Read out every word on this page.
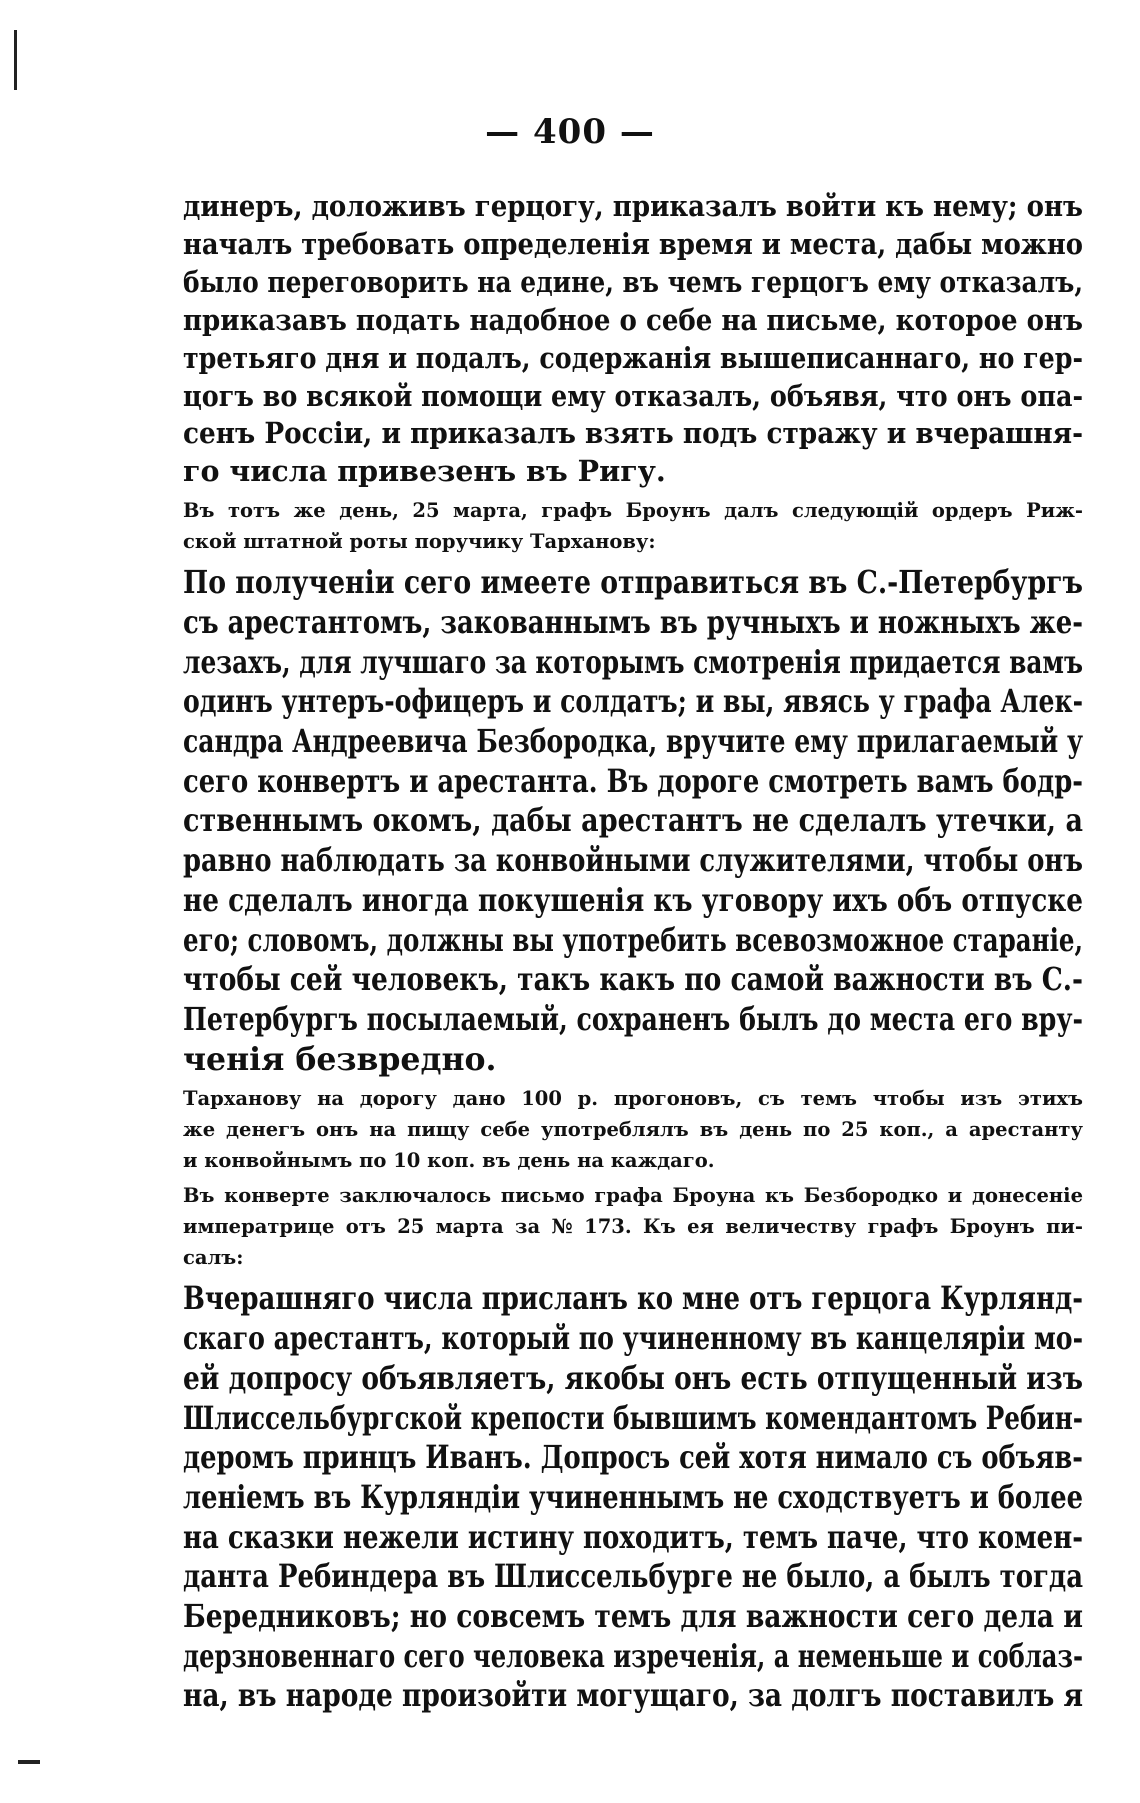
— 400 —
динеръ, доложивъ герцогу, приказалъ войти къ нему; онъ
началъ требовать определенія время и места, дабы можно
было переговорить на едине, въ чемъ герцогъ ему отказалъ,
приказавъ подать надобное о себе на письме, которое онъ
третьяго дня и подалъ, содержанія вышеписаннаго, но гер-
цогъ во всякой помощи ему отказалъ, объявя, что онъ опа-
сенъ Россіи, и приказалъ взять подъ стражу и вчерашня-
го числа привезенъ въ Ригу.
Въ тотъ же день, 25 марта, графъ Броунъ далъ следующій ордеръ Риж-
ской штатной роты поручику Тарханову:
По полученіи сего имеете отправиться въ С.-Петербургъ
съ арестантомъ, закованнымъ въ ручныхъ и ножныхъ же-
лезахъ, для лучшаго за которымъ смотренія придается вамъ
одинъ унтеръ-офицеръ и солдатъ; и вы, явясь у графа Алек-
сандра Андреевича Безбородка, вручите ему прилагаемый у
сего конвертъ и арестанта. Въ дороге смотреть вамъ бодр-
ственнымъ окомъ, дабы арестантъ не сделалъ утечки, а
равно наблюдать за конвойными служителями, чтобы онъ
не сделалъ иногда покушенія къ уговору ихъ объ отпуске
его; словомъ, должны вы употребить всевозможное стараніе,
чтобы сей человекъ, такъ какъ по самой важности въ С.-
Петербургъ посылаемый, сохраненъ былъ до места его вру-
ченія безвредно.
Тарханову на дорогу дано 100 р. прогоновъ, съ темъ чтобы изъ этихъ
же денегъ онъ на пищу себе употреблялъ въ день по 25 коп., а арестанту
и конвойнымъ по 10 коп. въ день на каждаго.
Въ конверте заключалось письмо графа Броуна къ Безбородко и донесеніе
императрице отъ 25 марта за № 173. Къ ея величеству графъ Броунъ пи-
салъ:
Вчерашняго числа присланъ ко мне отъ герцога Курлянд-
скаго арестантъ, который по учиненному въ канцеляріи мо-
ей допросу объявляетъ, якобы онъ есть отпущенный изъ
Шлиссельбургской крепости бывшимъ комендантомъ Ребин-
деромъ принцъ Иванъ. Допросъ сей хотя нимало съ объяв-
леніемъ въ Курляндіи учиненнымъ не сходствуетъ и более
на сказки нежели истину походитъ, темъ паче, что комен-
данта Ребиндера въ Шлиссельбурге не было, а былъ тогда
Бередниковъ; но совсемъ темъ для важности сего дела и
дерзновеннаго сего человека изреченія, а неменьше и соблаз-
на, въ народе произойти могущаго, за долгъ поставилъ я
